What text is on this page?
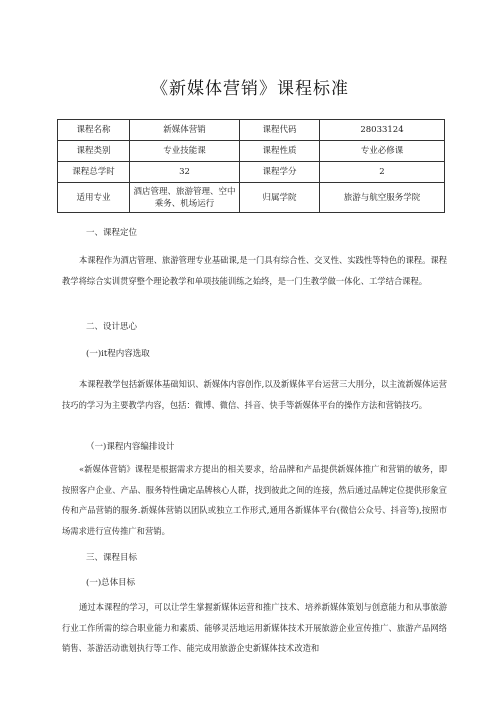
《新媒体营销》课程标准
课程名称	新媒体营销	课程代码	28033124
课程类别	专业技能课	课程性质	专业必修课
课程总学时	32	课程学分	2
适用专业	酒店管理、旅游管理、空中乘务、机场运行	归属学院	旅游与航空服务学院
一、课程定位
本课程作为酒店管理、旅游管理专业基础课,是一门具有综合性、交叉性、实践性等特色的课程。课程教学将综合实训贯穿整个理论教学和单项技能训练之始终，是一门生教学做一体化、工学结合课程。
二、设计思心
(一)it程内容选取
本课程教学包括新媒体基础知识、新媒体内容创作,以及新媒体平台运营三大刖分，以主流新媒体运营技巧的学习为主要教学内容，包括：微博、微信、抖音、快手等新媒体平台的操作方法和营销技巧。
（一)课程内容编排设计
«新媒体营销》课程是根据需求方提出的相关要求，给品牌和产品提供新媒体推广和营销的敏务，即按照客户企业、产品、服务特性确定品牌核心人群，找到彼此之间的连接，然后通过品牌定位提供形象宣传和产品营销的服务.新媒体营销以团队或独立工作形式,通用各新媒体平台(微信公众号、抖音等),按照市场需求进行宣传推广和营销。
三、课程目标
(一)总体目标
通过本课程的学习，可以让学生掌握新媒体运营和推广技术、培养新媒体策划与创意能力和从事旅游行业工作所需的综合职业能力和素质、能够灵活地运用新媒体技术开展旅游企业宣传推广、旅游产品网络销售、茶游活动谯划执行等工作、能完成用旅游企史新媒体技术改造和
